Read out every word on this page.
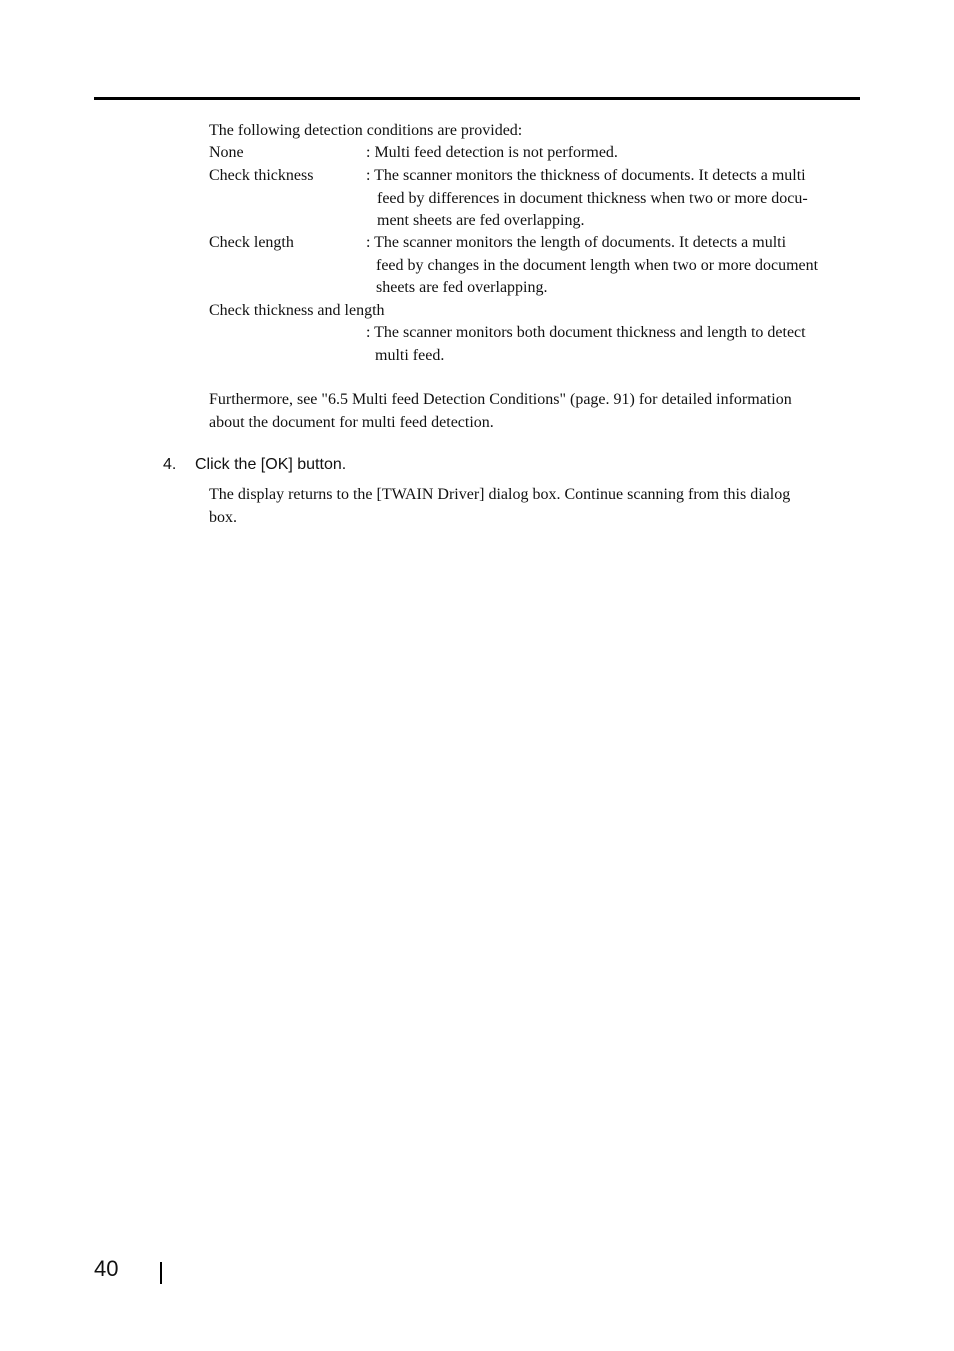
The following detection conditions are provided:
None	: Multi feed detection is not performed.
Check thickness	: The scanner monitors the thickness of documents. It detects a multi
feed by differences in document thickness when two or more docu-
ment sheets are fed overlapping.
Check length	: The scanner monitors the length of documents. It detects a multi
feed by changes in the document length when two or more document
sheets are fed overlapping.
Check thickness and length
: The scanner monitors both document thickness and length to detect
multi feed.
Furthermore, see "6.5 Multi feed Detection Conditions" (page. 91) for detailed information
about the document for multi feed detection.
4. Click the [OK] button.
The display returns to the [TWAIN Driver] dialog box. Continue scanning from this dialog
box.
40
